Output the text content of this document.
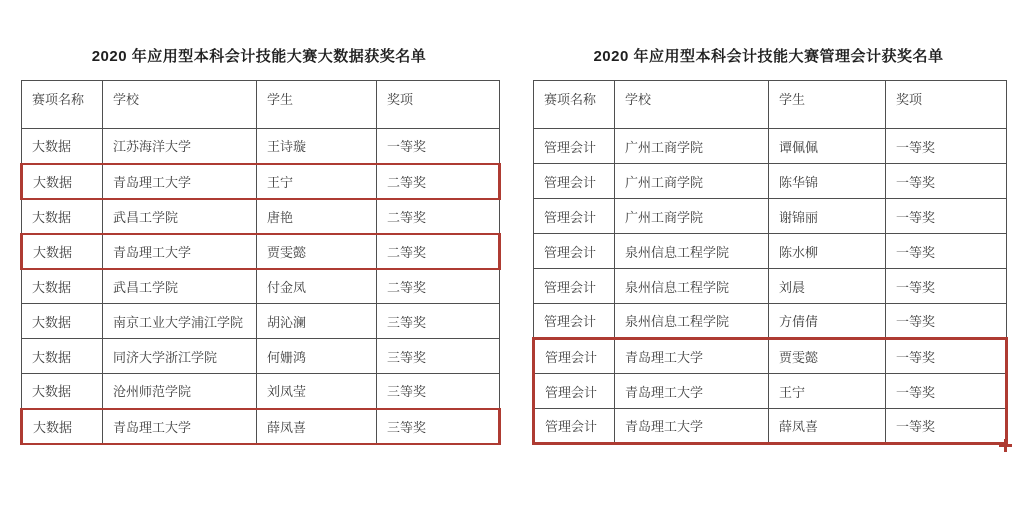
2020 年应用型本科会计技能大赛大数据获奖名单
赛项名称	学校	学生	奖项
大数据	江苏海洋大学	王诗璇	一等奖
大数据	青岛理工大学	王宁	二等奖
大数据	武昌工学院	唐艳	二等奖
大数据	青岛理工大学	贾雯懿	二等奖
大数据	武昌工学院	付金凤	二等奖
大数据	南京工业大学浦江学院	胡沁澜	三等奖
大数据	同济大学浙江学院	何姗鸿	三等奖
大数据	沧州师范学院	刘凤莹	三等奖
大数据	青岛理工大学	薛凤喜	三等奖
2020 年应用型本科会计技能大赛管理会计获奖名单
赛项名称	学校	学生	奖项
管理会计	广州工商学院	谭佩佩	一等奖
管理会计	广州工商学院	陈华锦	一等奖
管理会计	广州工商学院	谢锦丽	一等奖
管理会计	泉州信息工程学院	陈水柳	一等奖
管理会计	泉州信息工程学院	刘晨	一等奖
管理会计	泉州信息工程学院	方倩倩	一等奖
管理会计	青岛理工大学	贾雯懿	一等奖
管理会计	青岛理工大学	王宁	一等奖
管理会计	青岛理工大学	薛凤喜	一等奖
